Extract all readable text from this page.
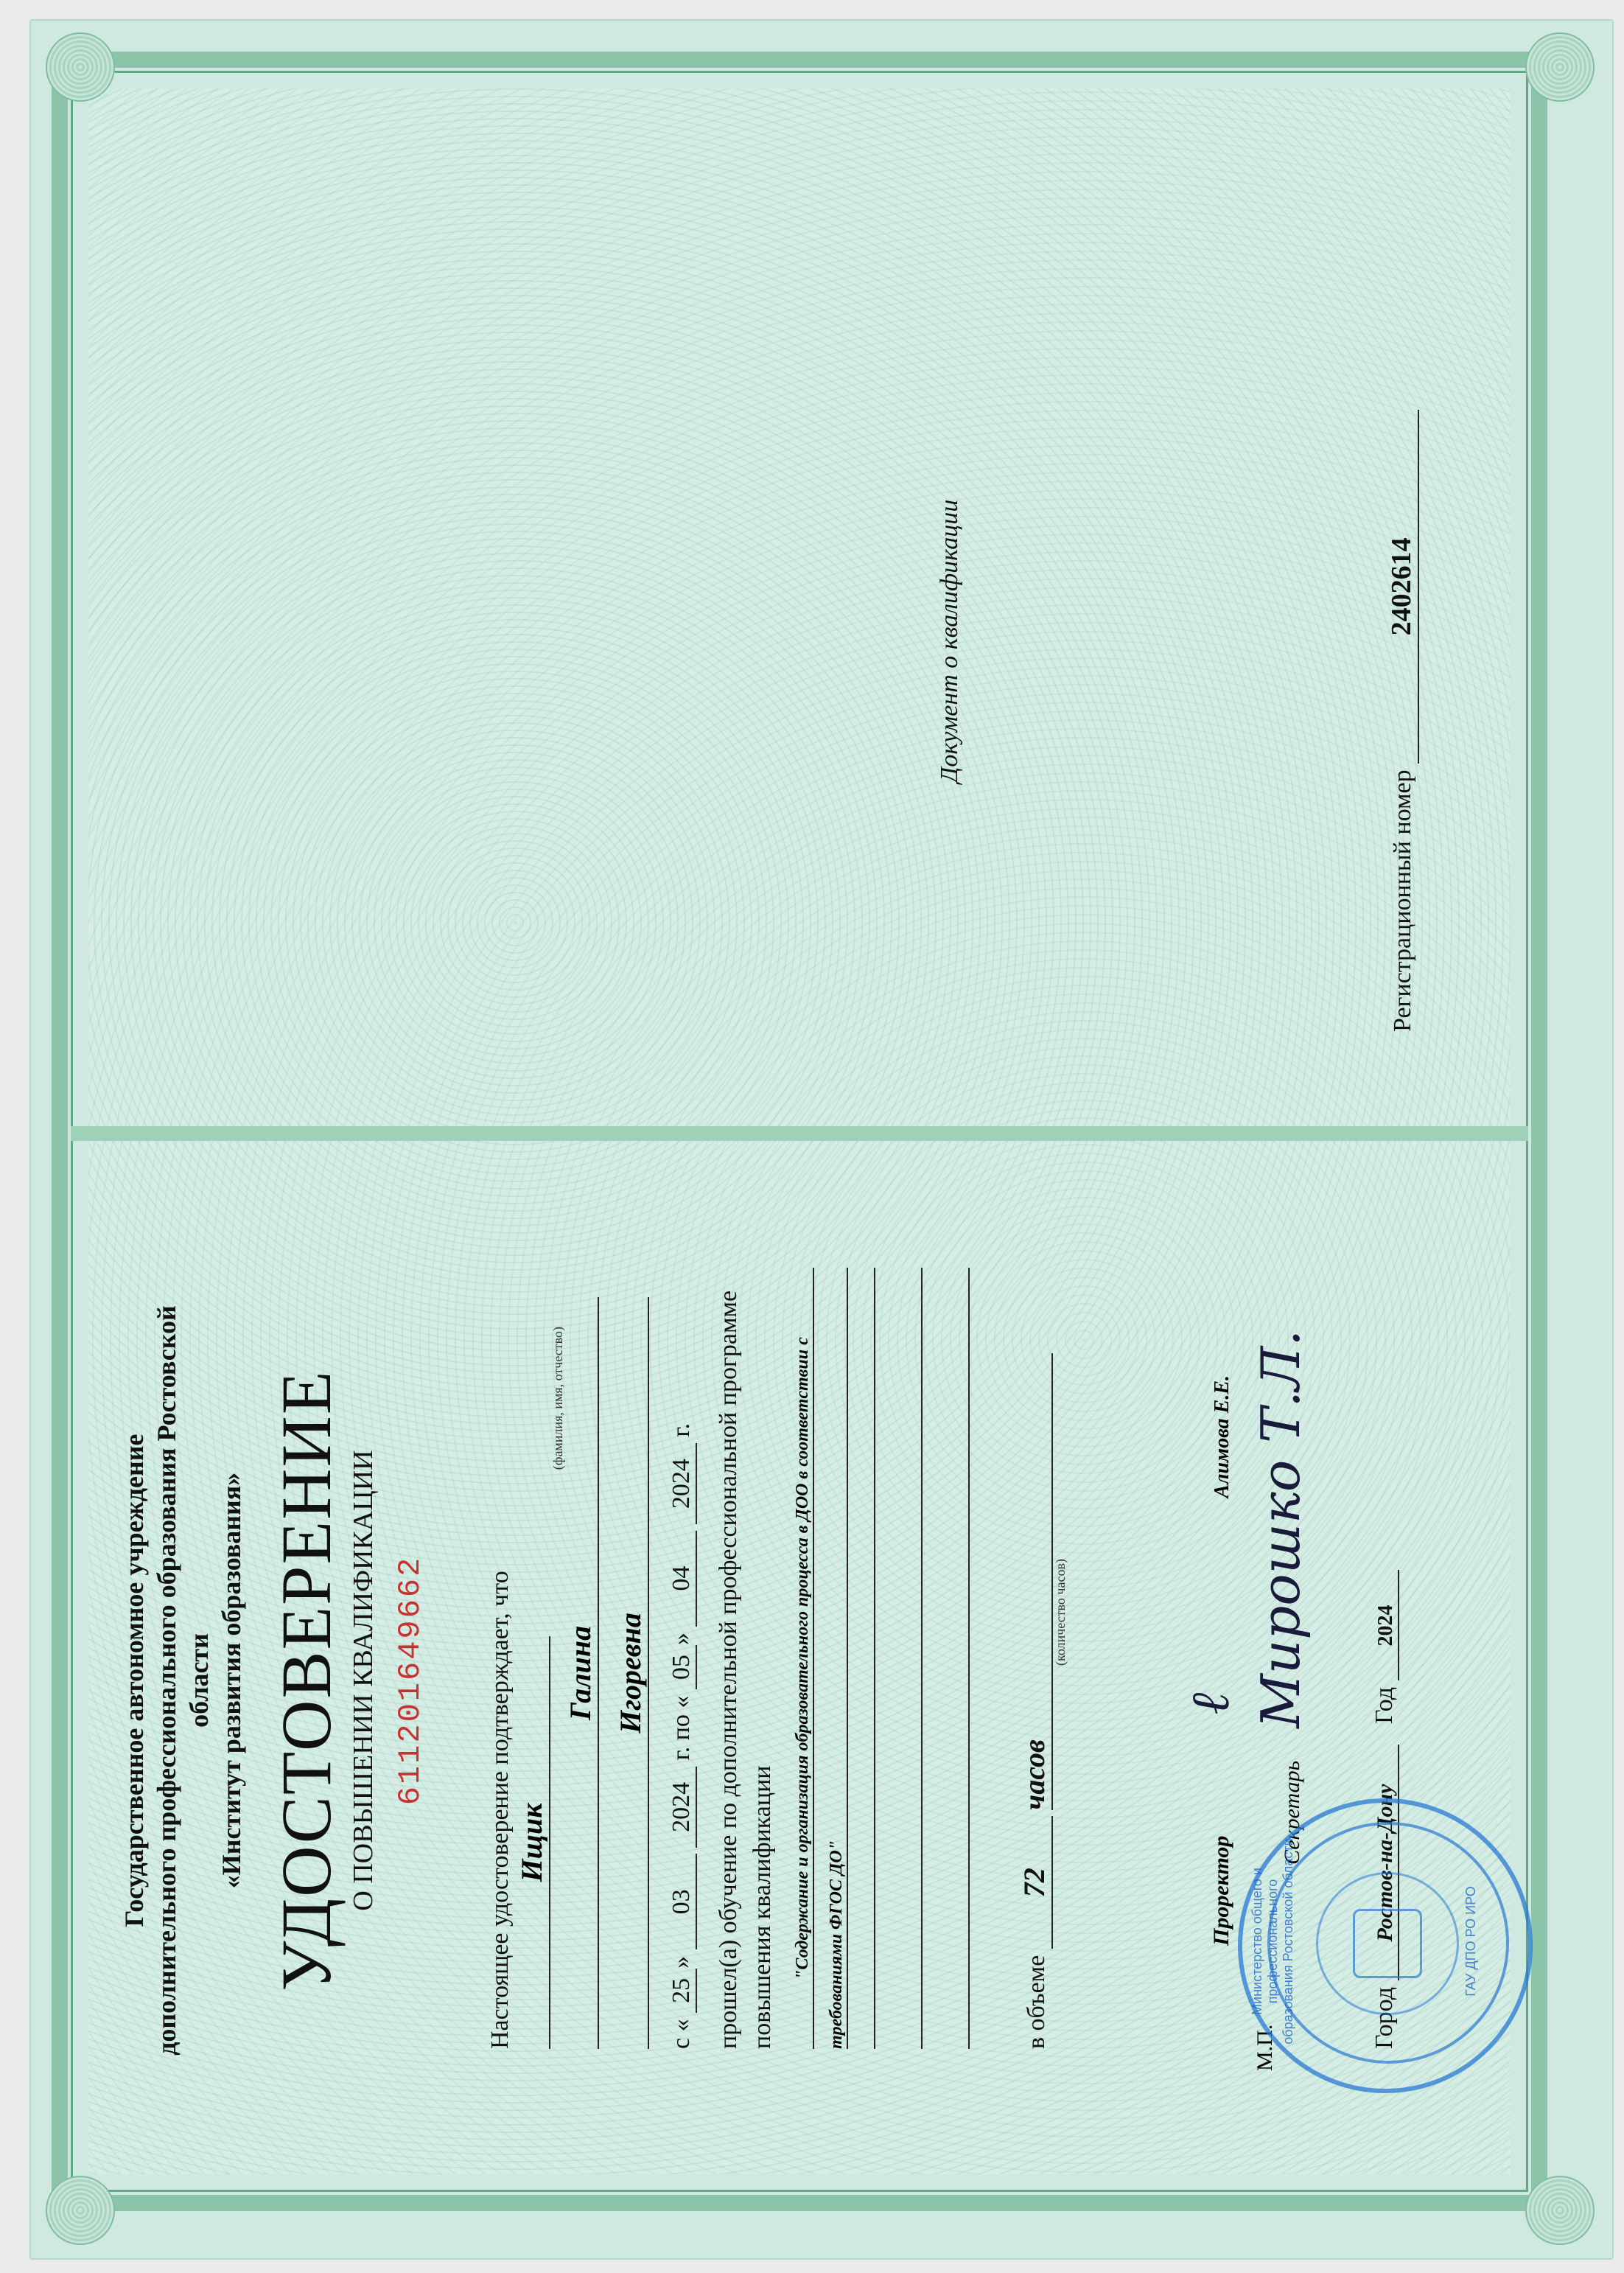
Государственное автономное учреждение дополнительного профессионального образования Ростовской области «Институт развития образования» УДОСТОВЕРЕНИЕ О ПОВЫШЕНИИ КВАЛИФИКАЦИИ 611201649662 Настоящее удостоверение подтверждает, что Ищик
(фамилия, имя, отчество)
Галина Игоревна
с « 25» 03 2024 г. по « 05» 04 2024 г. прошел(а) обучение по дополнительной профессиональной программе повышения квалификации "Содержание и организация образовательного процесса в ДОО в соответствии с требованиями ФГОС ДО"	в объеме 72 часов
(количество часов)
Проректор ℓ Алимова Е.Е.
Секретарь Мирошко Т.Л.
М.П.	Город Ростов-на-Дону Год 2024
Министерство общего и профессионального образования Ростовской области	ГАУ ДПО РО ИРО
Документ о квалификации
Регистрационный номер 2402614
